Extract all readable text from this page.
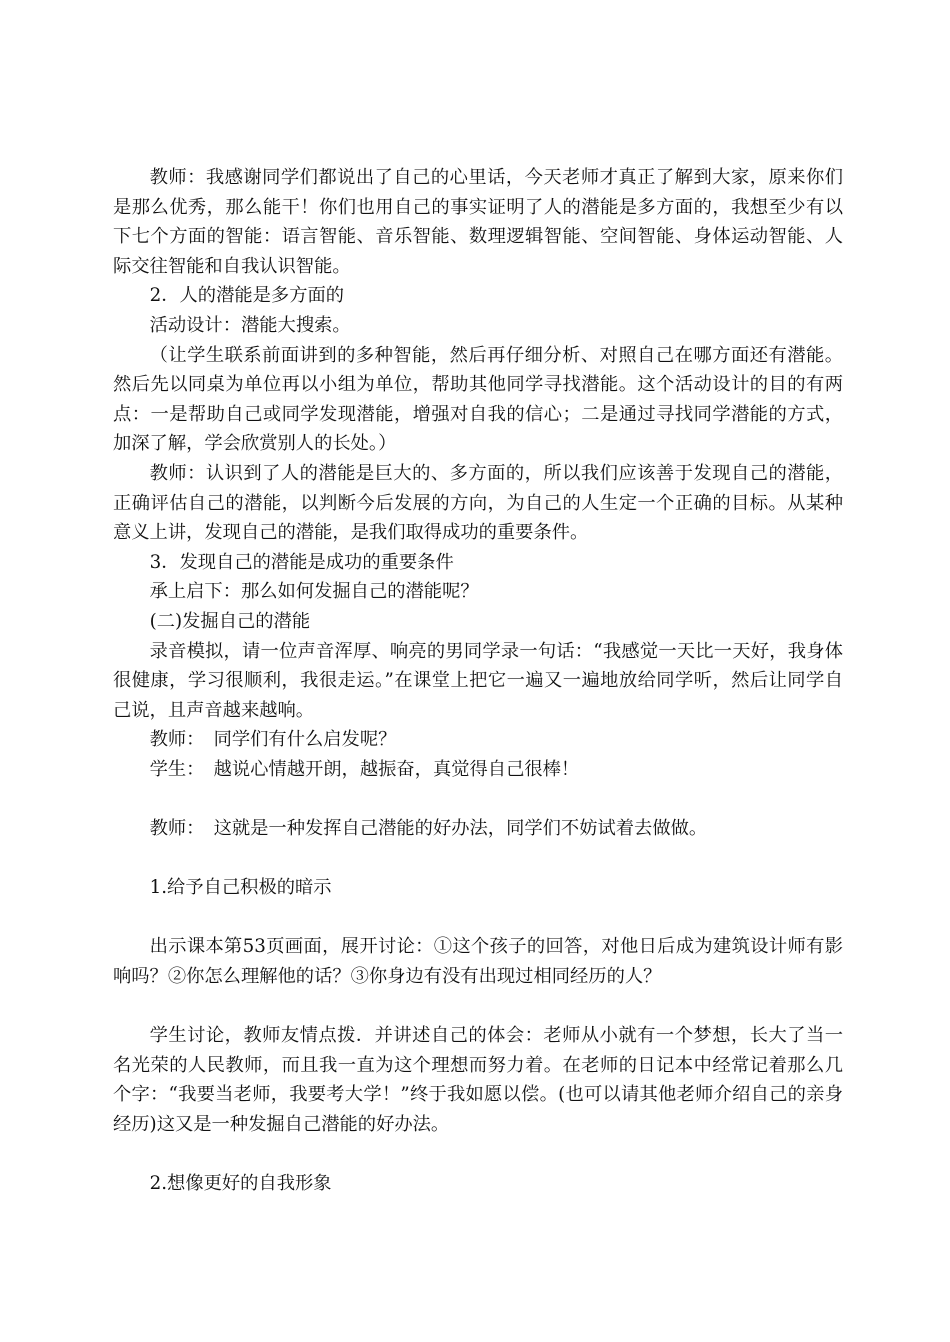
教师：我感谢同学们都说出了自己的心里话，今天老师才真正了解到大家，原来你们是那么优秀，那么能干！你们也用自己的事实证明了人的潜能是多方面的，我想至少有以下七个方面的智能：语言智能、音乐智能、数理逻辑智能、空间智能、身体运动智能、人际交往智能和自我认识智能。

2．人的潜能是多方面的

活动设计：潜能大搜索。

（让学生联系前面讲到的多种智能，然后再仔细分析、对照自己在哪方面还有潜能。然后先以同桌为单位再以小组为单位，帮助其他同学寻找潜能。这个活动设计的目的有两点：一是帮助自己或同学发现潜能，增强对自我的信心；二是通过寻找同学潜能的方式，加深了解，学会欣赏别人的长处。）

教师：认识到了人的潜能是巨大的、多方面的，所以我们应该善于发现自己的潜能，正确评估自己的潜能，以判断今后发展的方向，为自己的人生定一个正确的目标。从某种意义上讲，发现自己的潜能，是我们取得成功的重要条件。

3．发现自己的潜能是成功的重要条件

承上启下：那么如何发掘自己的潜能呢？

(二)发掘自己的潜能

录音模拟，请一位声音浑厚、响亮的男同学录一句话：“我感觉一天比一天好，我身体很健康，学习很顺利，我很走运。”在课堂上把它一遍又一遍地放给同学听，然后让同学自己说，且声音越来越响。

教师：　同学们有什么启发呢？

学生：　越说心情越开朗，越振奋，真觉得自己很棒！

教师：　这就是一种发挥自己潜能的好办法，同学们不妨试着去做做。

1.给予自己积极的暗示

出示课本第53页画面，展开讨论：①这个孩子的回答，对他日后成为建筑设计师有影响吗？②你怎么理解他的话？③你身边有没有出现过相同经历的人？

学生讨论，教师友情点拨．并讲述自己的体会：老师从小就有一个梦想，长大了当一名光荣的人民教师，而且我一直为这个理想而努力着。在老师的日记本中经常记着那么几个字：“我要当老师，我要考大学！”终于我如愿以偿。(也可以请其他老师介绍自己的亲身经历)这又是一种发掘自己潜能的好办法。

2.想像更好的自我形象
